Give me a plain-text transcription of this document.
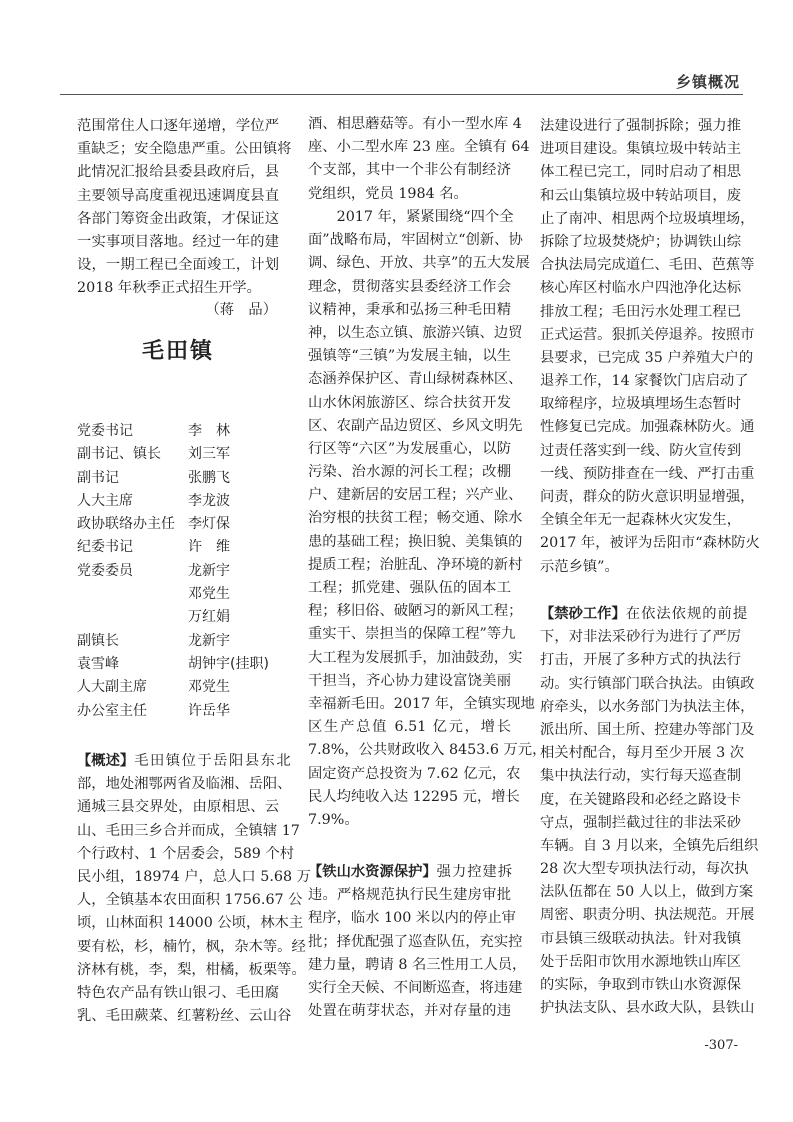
乡镇概况
范围常住人口逐年递增，学位严
重缺乏；安全隐患严重。公田镇将
此情况汇报给县委县政府后，县
主要领导高度重视迅速调度县直
各部门筹资金出政策，才保证这
一实事项目落地。经过一年的建
设，一期工程已全面竣工，计划
2018 年秋季正式招生开学。
（蒋　品）
毛田镇
党委书记	李　林
副书记、镇长 刘三军
副书记	张鹏飞
人大主席	李龙波
政协联络办主任 李灯保
纪委书记	许　维
党委委员	龙新宇
邓党生
万红娟
副镇长	龙新宇
袁雪峰	胡钟宇(挂职)
人大副主席	邓党生
办公室主任	许岳华
【概述】 毛田镇位于岳阳县东北
部，地处湘鄂两省及临湘、岳阳、
通城三县交界处，由原相思、云
山、毛田三乡合并而成，全镇辖 17
个行政村、1 个居委会，589 个村
民小组，18974 户，总人口 5.68 万
人，全镇基本农田面积 1756.67 公
顷，山林面积 14000 公顷，林木主
要有松，杉，楠竹，枫，杂木等。经
济林有桃，李，梨，柑橘，板栗等。
特色农产品有铁山银刁、毛田腐
乳、毛田蕨菜、红薯粉丝、云山谷
酒、相思蘑菇等。有小一型水库 4
座、小二型水库 23 座。全镇有 64
个支部，其中一个非公有制经济
党组织，党员 1984 名。
　　2017 年，紧紧围绕“四个全
面”战略布局，牢固树立“创新、协
调、绿色、开放、共享”的五大发展
理念，贯彻落实县委经济工作会
议精神，秉承和弘扬三种毛田精
神，以生态立镇、旅游兴镇、边贸
强镇等“三镇”为发展主轴，以生
态涵养保护区、青山绿树森林区、
山水休闲旅游区、综合扶贫开发
区、农副产品边贸区、乡风文明先
行区等“六区”为发展重心，以防
污染、治水源的河长工程；改棚
户、建新居的安居工程；兴产业、
治穷根的扶贫工程；畅交通、除水
患的基础工程；换旧貌、美集镇的
提质工程；治脏乱、净环境的新村
工程；抓党建、强队伍的固本工
程；移旧俗、破陋习的新风工程；
重实干、崇担当的保障工程”等九
大工程为发展抓手，加油鼓劲，实
干担当，齐心协力建设富饶美丽
幸福新毛田。2017 年，全镇实现地
区生产总值 6.51 亿元，增长
7.8%，公共财政收入 8453.6 万元，
固定资产总投资为 7.62 亿元，农
民人均纯收入达 12295 元，增长
7.9%。
【铁山水资源保护】 强力控建拆
违。严格规范执行民生建房审批
程序，临水 100 米以内的停止审
批；择优配强了巡查队伍，充实控
建力量，聘请 8 名三性用工人员，
实行全天候、不间断巡查，将违建
处置在萌芽状态，并对存量的违
法建设进行了强制拆除；强力推
进项目建设。集镇垃圾中转站主
体工程已完工，同时启动了相思
和云山集镇垃圾中转站项目，废
止了南冲、相思两个垃圾填埋场，
拆除了垃圾焚烧炉；协调铁山综
合执法局完成道仁、毛田、芭蕉等
核心库区村临水户四池净化达标
排放工程；毛田污水处理工程已
正式运营。狠抓关停退养。按照市
县要求，已完成 35 户养殖大户的
退养工作，14 家餐饮门店启动了
取缔程序，垃圾填埋场生态暂时
性修复已完成。加强森林防火。通
过责任落实到一线、防火宣传到
一线、预防排查在一线、严打击重
问责，群众的防火意识明显增强，
全镇全年无一起森林火灾发生，
2017 年，被评为岳阳市“森林防火
示范乡镇”。
【禁砂工作】 在依法依规的前提
下，对非法采砂行为进行了严厉
打击，开展了多种方式的执法行
动。实行镇部门联合执法。由镇政
府牵头，以水务部门为执法主体，
派出所、国土所、控建办等部门及
相关村配合，每月至少开展 3 次
集中执法行动，实行每天巡查制
度，在关键路段和必经之路设卡
守点，强制拦截过往的非法采砂
车辆。自 3 月以来，全镇先后组织
28 次大型专项执法行动，每次执
法队伍都在 50 人以上，做到方案
周密、职责分明、执法规范。开展
市县镇三级联动执法。针对我镇
处于岳阳市饮用水源地铁山库区
的实际，争取到市铁山水资源保
护执法支队、县水政大队，县铁山
-307-
